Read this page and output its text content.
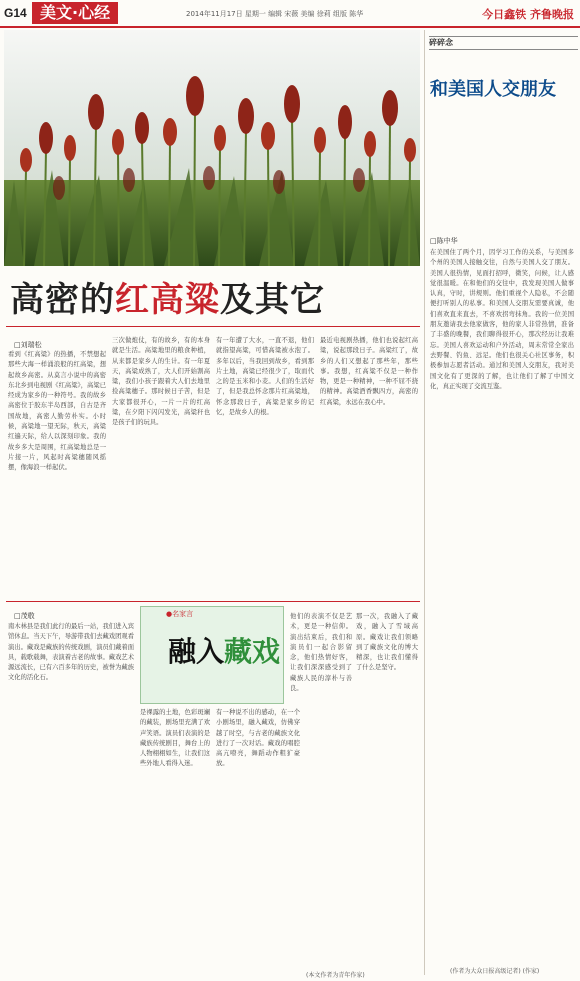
G14 美文·心经	2014年11月17日 星期一 编辑 宋薇 美编 徐莉 组版 陈华	今日鑫铁 齐鲁晚报
高密的红高粱及其它
□刘瑞松
看到《红高粱》的热播，不禁想起那些大海一样涌浪般的红高粱，想起故乡高密。从莫言小说中的高密东北乡到电视剧《红高粱》，高粱已经成为家乡的一种符号。我的故乡高密位于胶东半岛西部，自古是齐国故地，高密人勤劳朴实。小时候，高粱地一望无际，秋天，高粱红遍天际，给人以深刻印象。我的故乡多大是周围，红高粱地总是一片接一片，风起时高粱穗随风摇摆，像海浪一样起伏。
三次做炮仗，有的故乡，有的本身就是生活。高粱地里的粮食种植，从来都是家乡人的生计。有一年夏天，高粱成熟了，大人们开始割高粱，我们小孩子跟着大人们去地里捡高粱穗子。那时候日子苦，但是大家都很开心，一片一片的红高粱，在夕阳下闪闪发光，高粱秆也是孩子们的玩具。
有一年遭了大水，一直不退，他们就指望高粱，可惜高粱被水泡了。多年以后，当我回到故乡，看到那片土地，高粱已经很少了，取而代之的是玉米和小麦。人们的生活好了，但是我总怀念那片红高粱地，怀念那段日子，高粱是家乡的记忆，是故乡人的根。
最近电视剧热播，他们也说起红高粱，说起那段日子。高粱红了，故乡的人们又想起了那些年，那些事。我想，红高粱不仅是一种作物，更是一种精神，一种不屈不挠的精神。高粱酒香飘四方，高密的红高粱，永远在我心中。
□茂敬
南木林县是我们此行的最后一站，我们进入宾馆休息。当天下午，导游带我们去藏戏团观看演出。藏戏是藏族的传统戏剧，演员们戴着面具，载歌载舞，表演着古老的故事。藏戏艺术源远流长，已有六百多年的历史，被誉为藏族文化的活化石。
●名家言
融入藏戏
是裸露的土地，色彩斑斓的藏装，剧场里充满了欢声笑语。演员们表演的是藏族传统剧目，舞台上的人物栩栩如生，让我们这些外地人看得入迷。
有一种说不出的感动，在一个小剧场里，融入藏戏，仿佛穿越了时空，与古老的藏族文化进行了一次对话。藏戏的唱腔高亢嘹亮，舞蹈动作粗犷豪放。
他们的表演不仅是艺术，更是一种信仰。演出结束后，我们和演员们一起合影留念，他们热情好客，让我们深深感受到了藏族人民的淳朴与善良。
那一次，我融入了藏戏，融入了雪域高原。藏戏让我们领略到了藏族文化的博大精深，也让我们懂得了什么是坚守。
(本文作者为青年作家)
碎碎念
和美国人交朋友
□陈中华
在美国住了两个月，因学习工作的关系，与美国多个州的美国人接触交往，自然与美国人交了朋友。美国人很热情，见面打招呼，微笑，问候，让人感觉很温暖。在和他们的交往中，我发现美国人做事认真，守时，讲规则。他们重视个人隐私，不会随便打听别人的私事。和美国人交朋友需要真诚，他们喜欢直来直去，不喜欢拐弯抹角。我的一位美国朋友邀请我去他家做客，他的家人非常热情，准备了丰盛的晚餐，我们聊得很开心，那次经历让我难忘。美国人喜欢运动和户外活动，周末常常全家出去野餐、钓鱼、远足。他们也很关心社区事务，积极参加志愿者活动。通过和美国人交朋友，我对美国文化有了更深的了解，也让他们了解了中国文化，真正实现了交流互鉴。
(作者为大众日报高级记者) (作家)
